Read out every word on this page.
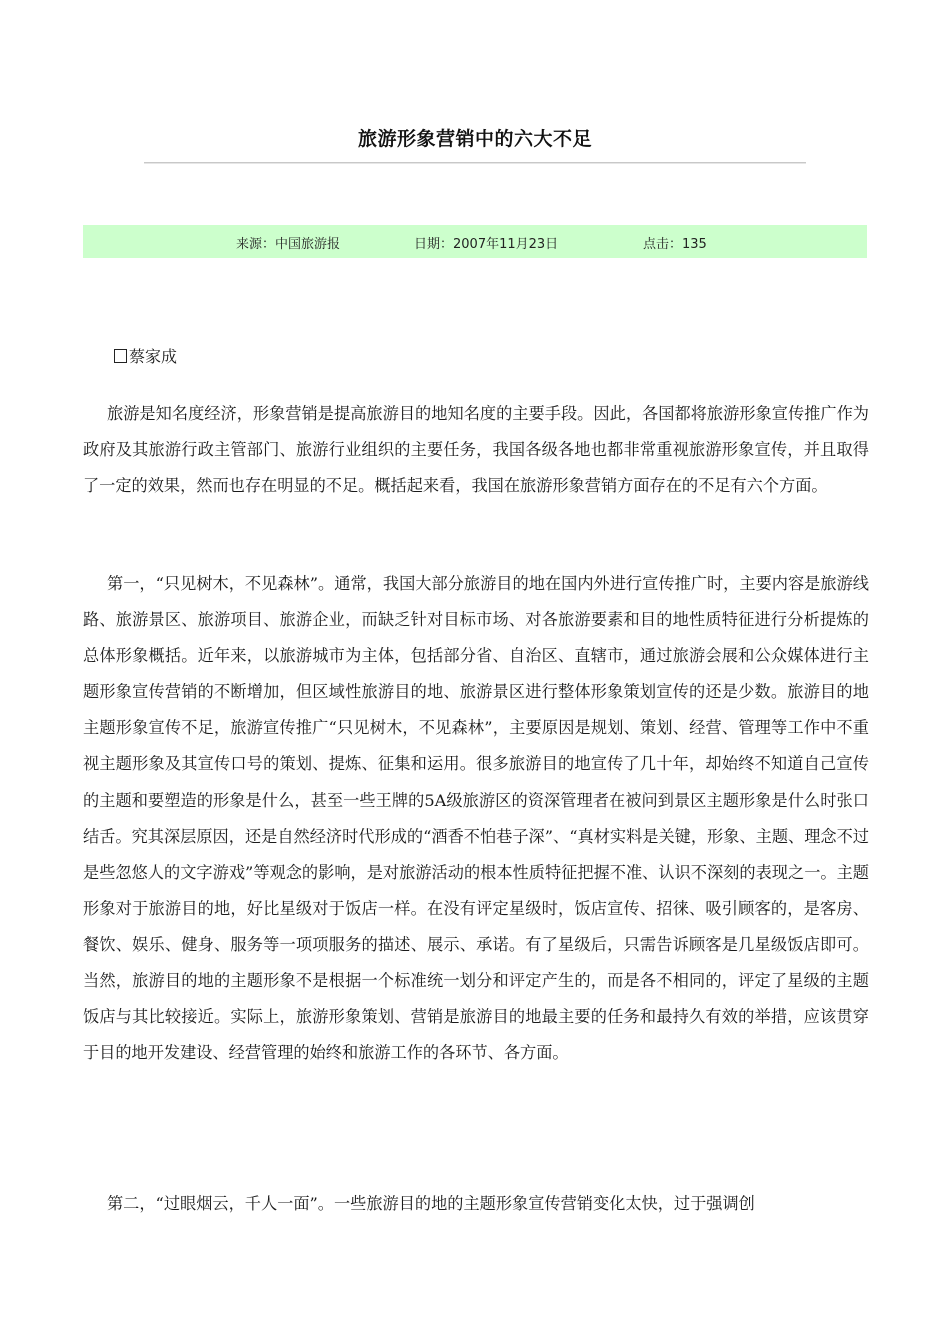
旅游形象营销中的六大不足
来源：中国旅游报	日期：2007年11月23日	点击：135
蔡家成

旅游是知名度经济，形象营销是提高旅游目的地知名度的主要手段。因此，各国都将旅游形象宣传推广作为政府及其旅游行政主管部门、旅游行业组织的主要任务，我国各级各地也都非常重视旅游形象宣传，并且取得了一定的效果，然而也存在明显的不足。概括起来看，我国在旅游形象营销方面存在的不足有六个方面。

第一，“只见树木，不见森林”。通常，我国大部分旅游目的地在国内外进行宣传推广时，主要内容是旅游线路、旅游景区、旅游项目、旅游企业，而缺乏针对目标市场、对各旅游要素和目的地性质特征进行分析提炼的总体形象概括。近年来，以旅游城市为主体，包括部分省、自治区、直辖市，通过旅游会展和公众媒体进行主题形象宣传营销的不断增加，但区域性旅游目的地、旅游景区进行整体形象策划宣传的还是少数。旅游目的地主题形象宣传不足，旅游宣传推广“只见树木，不见森林”，主要原因是规划、策划、经营、管理等工作中不重视主题形象及其宣传口号的策划、提炼、征集和运用。很多旅游目的地宣传了几十年，却始终不知道自己宣传的主题和要塑造的形象是什么，甚至一些王牌的5A级旅游区的资深管理者在被问到景区主题形象是什么时张口结舌。究其深层原因，还是自然经济时代形成的“酒香不怕巷子深”、“真材实料是关键，形象、主题、理念不过是些忽悠人的文字游戏”等观念的影响，是对旅游活动的根本性质特征把握不准、认识不深刻的表现之一。主题形象对于旅游目的地，好比星级对于饭店一样。在没有评定星级时，饭店宣传、招徕、吸引顾客的，是客房、餐饮、娱乐、健身、服务等一项项服务的描述、展示、承诺。有了星级后，只需告诉顾客是几星级饭店即可。当然，旅游目的地的主题形象不是根据一个标准统一划分和评定产生的，而是各不相同的，评定了星级的主题饭店与其比较接近。实际上，旅游形象策划、营销是旅游目的地最主要的任务和最持久有效的举措，应该贯穿于目的地开发建设、经营管理的始终和旅游工作的各环节、各方面。

第二，“过眼烟云，千人一面”。一些旅游目的地的主题形象宣传营销变化太快，过于强调创
